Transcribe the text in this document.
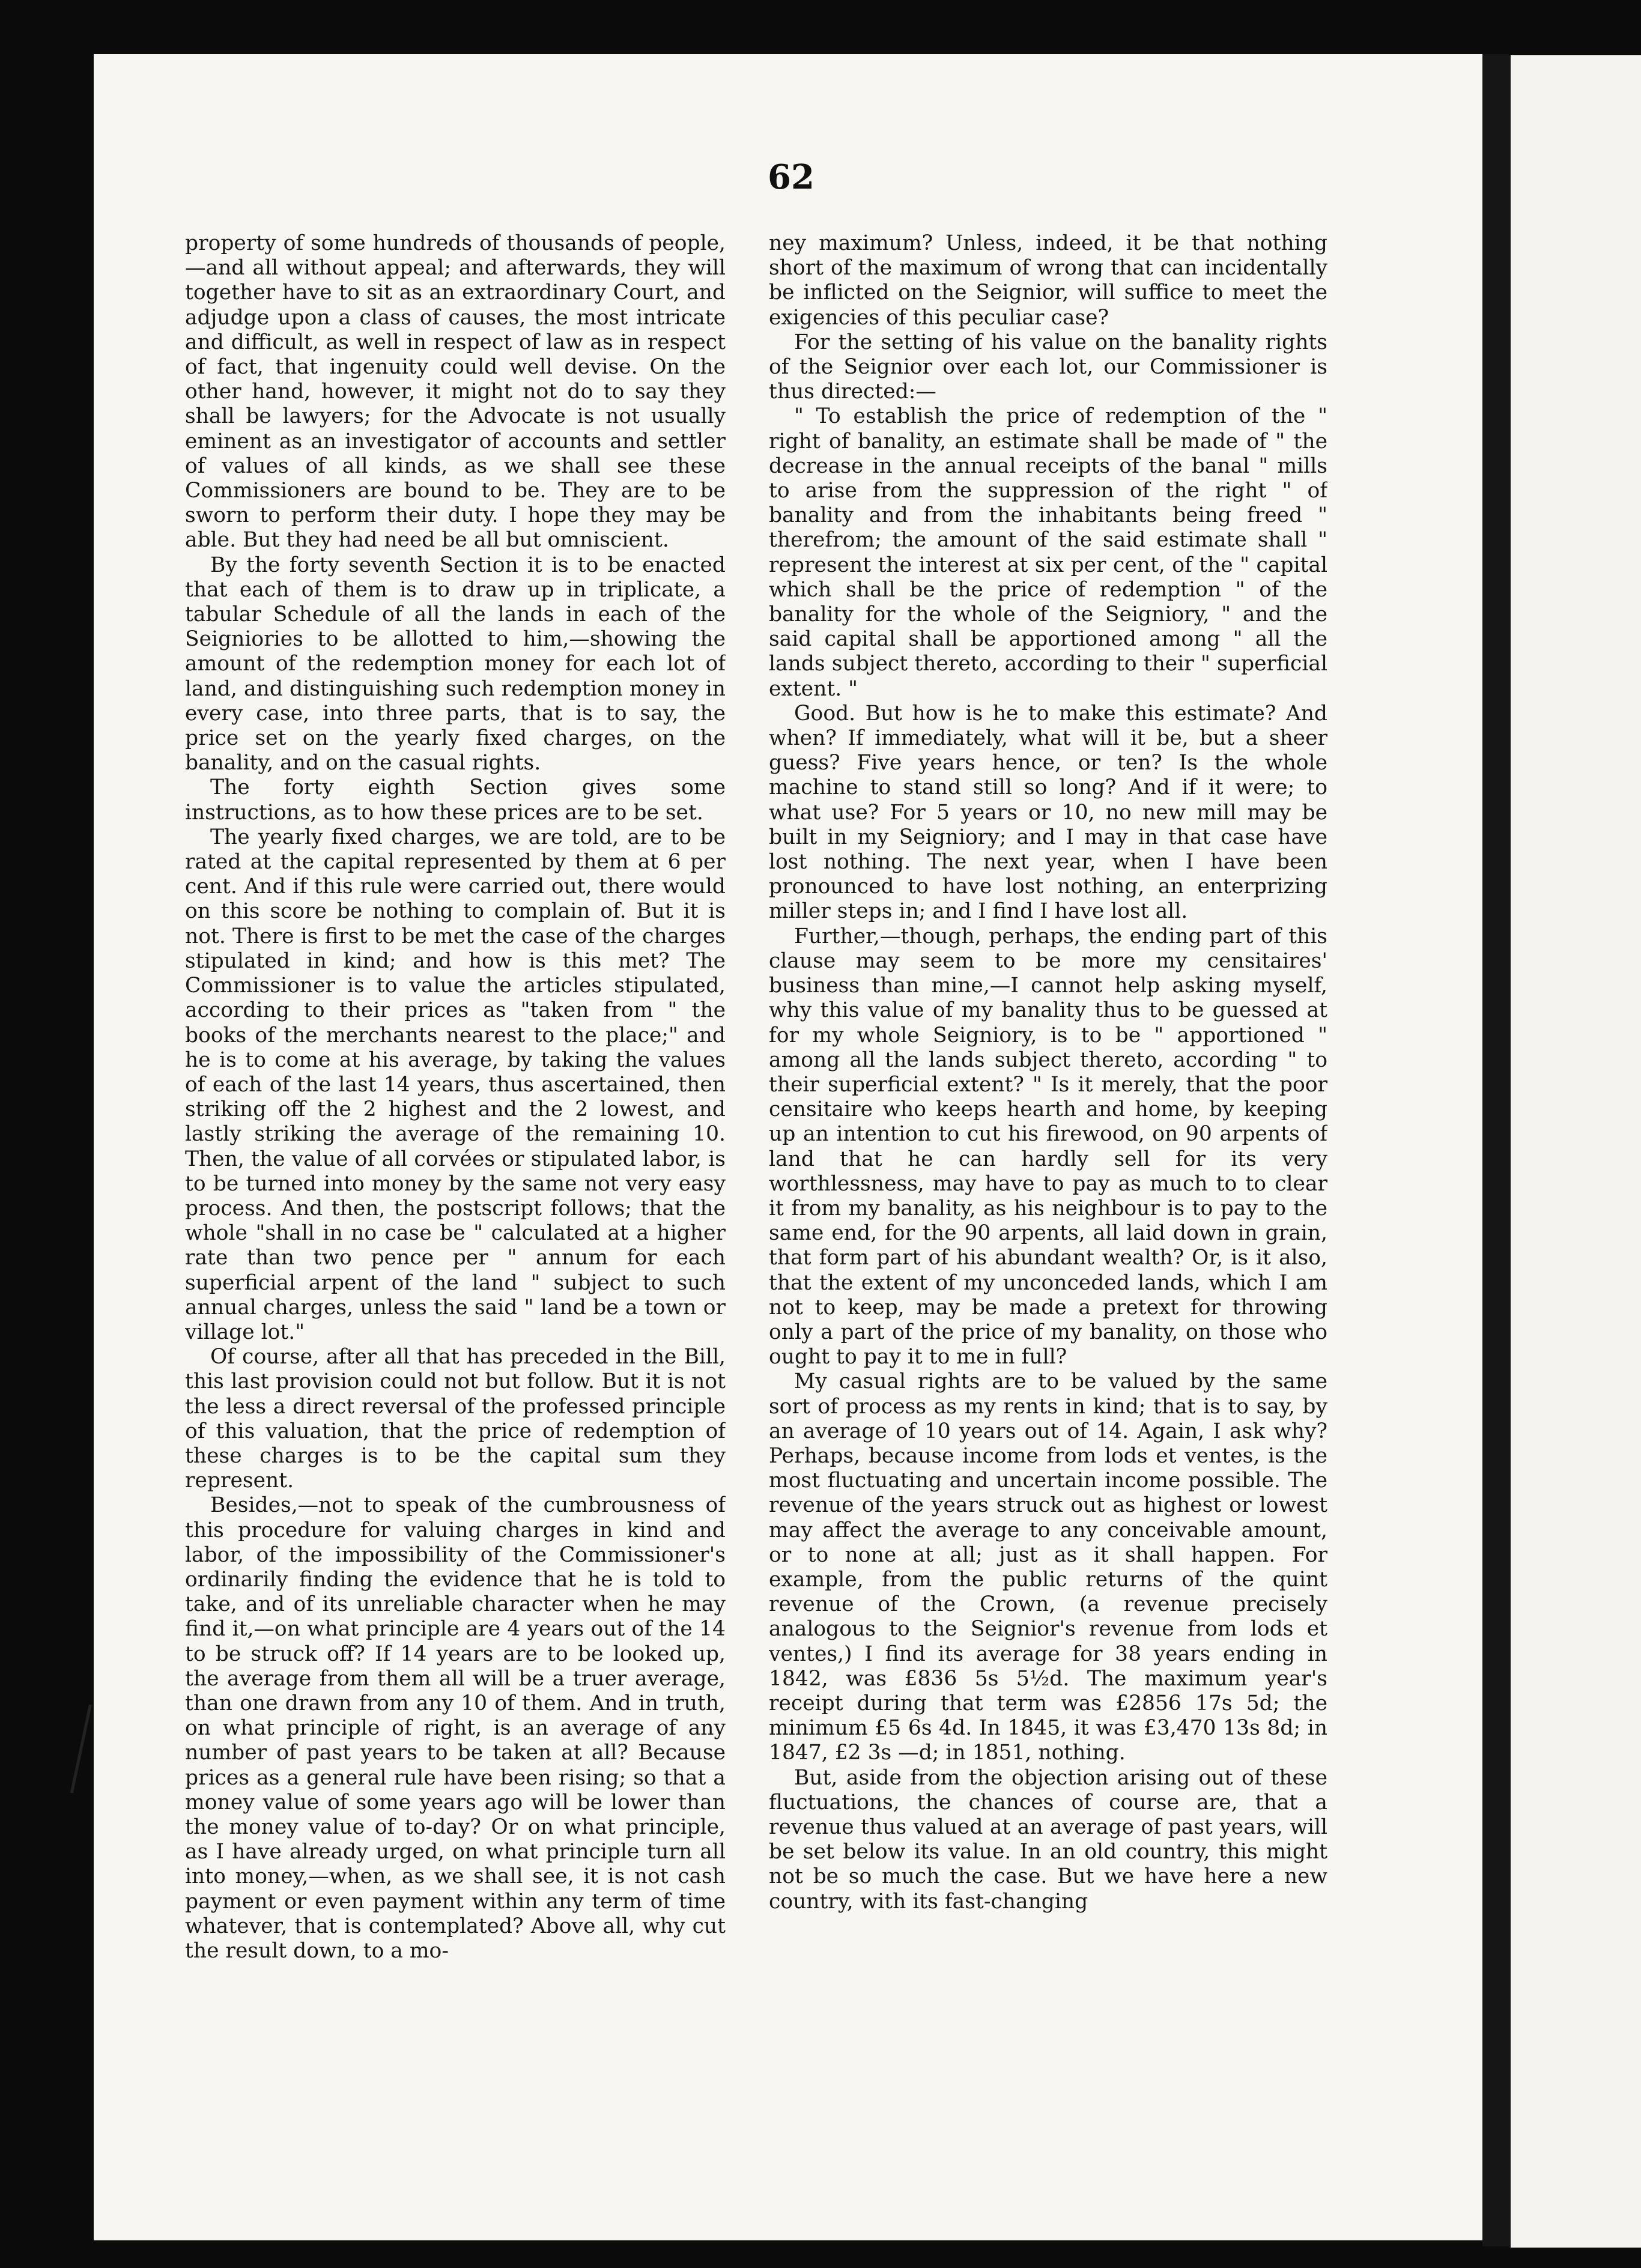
62

property of some hundreds of thousands of people,—and all without appeal; and afterwards, they will together have to sit as an extraordinary Court, and adjudge upon a class of causes, the most intricate and difficult, as well in respect of law as in respect of fact, that ingenuity could well devise. On the other hand, however, it might not do to say they shall be lawyers; for the Advocate is not usually eminent as an investigator of accounts and settler of values of all kinds, as we shall see these Commissioners are bound to be. They are to be sworn to perform their duty. I hope they may be able. But they had need be all but omniscient.

By the forty seventh Section it is to be enacted that each of them is to draw up in triplicate, a tabular Schedule of all the lands in each of the Seigniories to be allotted to him,—showing the amount of the redemption money for each lot of land, and distinguishing such redemption money in every case, into three parts, that is to say, the price set on the yearly fixed charges, on the banality, and on the casual rights.

The forty eighth Section gives some instructions, as to how these prices are to be set.

The yearly fixed charges, we are told, are to be rated at the capital represented by them at 6 per cent. And if this rule were carried out, there would on this score be nothing to complain of. But it is not. There is first to be met the case of the charges stipulated in kind; and how is this met? The Commissioner is to value the articles stipulated, according to their prices as "taken from " the books of the merchants nearest to the place;" and he is to come at his average, by taking the values of each of the last 14 years, thus ascertained, then striking off the 2 highest and the 2 lowest, and lastly striking the average of the remaining 10. Then, the value of all corvées or stipulated labor, is to be turned into money by the same not very easy process. And then, the postscript follows; that the whole "shall in no case be " calculated at a higher rate than two pence per " annum for each superficial arpent of the land " subject to such annual charges, unless the said " land be a town or village lot."

Of course, after all that has preceded in the Bill, this last provision could not but follow. But it is not the less a direct reversal of the professed principle of this valuation, that the price of redemption of these charges is to be the capital sum they represent.

Besides,—not to speak of the cumbrousness of this procedure for valuing charges in kind and labor, of the impossibility of the Commissioner's ordinarily finding the evidence that he is told to take, and of its unreliable character when he may find it,—on what principle are 4 years out of the 14 to be struck off? If 14 years are to be looked up, the average from them all will be a truer average, than one drawn from any 10 of them. And in truth, on what principle of right, is an average of any number of past years to be taken at all? Because prices as a general rule have been rising; so that a money value of some years ago will be lower than the money value of to-day? Or on what principle, as I have already urged, on what principle turn all into money,—when, as we shall see, it is not cash payment or even payment within any term of time whatever, that is contemplated? Above all, why cut the result down, to a mo-

ney maximum? Unless, indeed, it be that nothing short of the maximum of wrong that can incidentally be inflicted on the Seignior, will suffice to meet the exigencies of this peculiar case?

For the setting of his value on the banality rights of the Seignior over each lot, our Commissioner is thus directed:—

" To establish the price of redemption of the " right of banality, an estimate shall be made of " the decrease in the annual receipts of the banal " mills to arise from the suppression of the right " of banality and from the inhabitants being freed " therefrom; the amount of the said estimate shall " represent the interest at six per cent, of the " capital which shall be the price of redemption " of the banality for the whole of the Seigniory, " and the said capital shall be apportioned among " all the lands subject thereto, according to their " superficial extent. "

Good. But how is he to make this estimate? And when? If immediately, what will it be, but a sheer guess? Five years hence, or ten? Is the whole machine to stand still so long? And if it were; to what use? For 5 years or 10, no new mill may be built in my Seigniory; and I may in that case have lost nothing. The next year, when I have been pronounced to have lost nothing, an enterprizing miller steps in; and I find I have lost all.

Further,—though, perhaps, the ending part of this clause may seem to be more my censitaires' business than mine,—I cannot help asking myself, why this value of my banality thus to be guessed at for my whole Seigniory, is to be " apportioned " among all the lands subject thereto, according " to their superficial extent? " Is it merely, that the poor censitaire who keeps hearth and home, by keeping up an intention to cut his firewood, on 90 arpents of land that he can hardly sell for its very worthlessness, may have to pay as much to to clear it from my banality, as his neighbour is to pay to the same end, for the 90 arpents, all laid down in grain, that form part of his abundant wealth? Or, is it also, that the extent of my unconceded lands, which I am not to keep, may be made a pretext for throwing only a part of the price of my banality, on those who ought to pay it to me in full?

My casual rights are to be valued by the same sort of process as my rents in kind; that is to say, by an average of 10 years out of 14. Again, I ask why? Perhaps, because income from lods et ventes, is the most fluctuating and uncertain income possible. The revenue of the years struck out as highest or lowest may affect the average to any conceivable amount, or to none at all; just as it shall happen. For example, from the public returns of the quint revenue of the Crown, (a revenue precisely analogous to the Seignior's revenue from lods et ventes,) I find its average for 38 years ending in 1842, was £836 5s 5½d. The maximum year's receipt during that term was £2856 17s 5d; the minimum £5 6s 4d. In 1845, it was £3,470 13s 8d; in 1847, £2 3s —d; in 1851, nothing.

But, aside from the objection arising out of these fluctuations, the chances of course are, that a revenue thus valued at an average of past years, will be set below its value. In an old country, this might not be so much the case. But we have here a new country, with its fast-changing
